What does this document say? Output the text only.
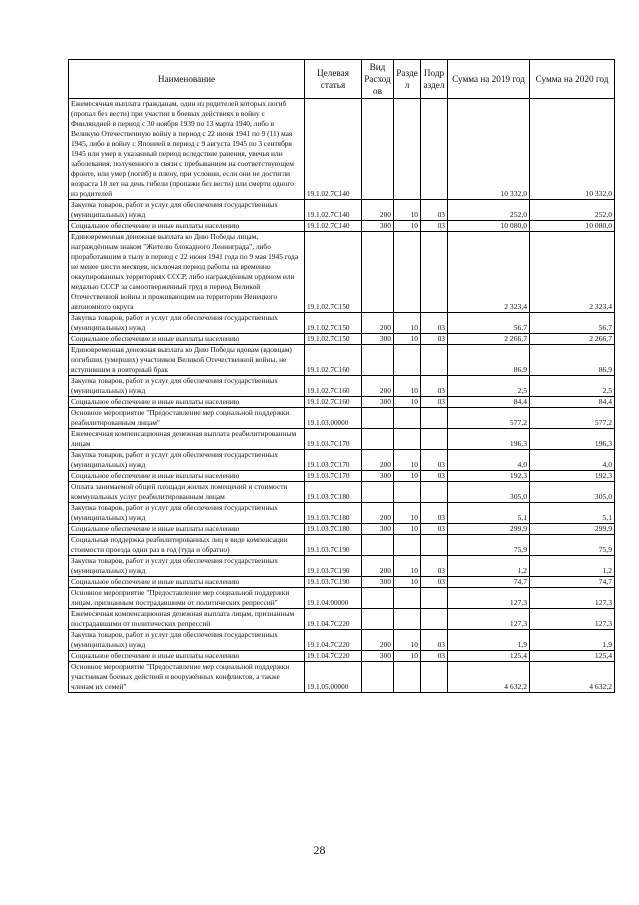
Наименование	Целевая статья	Вид Расход ов	Разде л	Подр аздел	Сумма на 2019 год	Сумма на 2020 год
Ежемесячная выплата гражданам, один из родителей которых погиб (пропал без вести) при участии в боевых действиях в войну с Финляндией в период с 30 ноября 1939 по 13 марта 1940, либо в Великую Отечественную войну в период с 22 июня 1941 по 9 (11) мая 1945, либо в войну с Японией в период с 9 августа 1945 по 3 сентября 1945 или умер в указанный период вследствие ранения, увечья или заболевания, полученного в связи с пребыванием на соответствующем фронте, или умер (погиб) в плену, при условии, если они не достигли возраста 18 лет на день гибели (пропажи без вести) или смерти одного из родителей	19.1.02.7С140				10 332,0	10 332,0
Закупка товаров, работ и услуг для обеспечения государственных (муниципальных) нужд	19.1.02.7С140	200	10	03	252,0	252,0
Социальное обеспечение и иные выплаты населению	19.1.02.7С140	300	10	03	10 080,0	10 080,0
Единовременная денежная выплата ко Дню Победы лицам, награждённым знаком "Жителю блокадного Ленинграда", либо проработавшим в тылу в период с 22 июня 1941 года по 9 мая 1945 года не менее шести месяцев, исключая период работы на временно оккупированных территориях СССР, либо награждённым орденом или медалью СССР за самоотверженный труд в период Великой Отечественной войны и проживающим на территории Ненецкого автономного округа	19.1.02.7С150				2 323,4	2 323,4
Закупка товаров, работ и услуг для обеспечения государственных (муниципальных) нужд	19.1.02.7С150	200	10	03	56,7	56,7
Социальное обеспечение и иные выплаты населению	19.1.02.7С150	300	10	03	2 266,7	2 266,7
Единовременная денежная выплата ко Дню Победы вдовам (вдовцам) погибших (умерших) участников Великой Отечественной войны, не вступившим в повторный брак	19.1.02.7С160				86,9	86,9
Закупка товаров, работ и услуг для обеспечения государственных (муниципальных) нужд	19.1.02.7С160	200	10	03	2,5	2,5
Социальное обеспечение и иные выплаты населению	19.1.02.7С160	300	10	03	84,4	84,4
Основное мероприятие "Предоставление мер социальной поддержки реабилитированным лицам"	19.1.03.00000				577,2	577,2
Ежемесячная компенсационная денежная выплата реабилитированным лицам	19.1.03.7С170				196,3	196,3
Закупка товаров, работ и услуг для обеспечения государственных (муниципальных) нужд	19.1.03.7С170	200	10	03	4,0	4,0
Социальное обеспечение и иные выплаты населению	19.1.03.7С170	300	10	03	192,3	192,3
Оплата занимаемой общей площади жилых помещений и стоимости коммунальных услуг реабилитированным лицам	19.1.03.7С180				305,0	305,0
Закупка товаров, работ и услуг для обеспечения государственных (муниципальных) нужд	19.1.03.7С180	200	10	03	5,1	5,1
Социальное обеспечение и иные выплаты населению	19.1.03.7С180	300	10	03	299,9	299,9
Социальная поддержка реабилитированных лиц в виде компенсации стоимости проезда один раз в год (туда и обратно)	19.1.03.7С190				75,9	75,9
Закупка товаров, работ и услуг для обеспечения государственных (муниципальных) нужд	19.1.03.7С190	200	10	03	1,2	1,2
Социальное обеспечение и иные выплаты населению	19.1.03.7С190	300	10	03	74,7	74,7
Основное мероприятие "Предоставление мер социальной поддержки лицам, признанным пострадавшими от политических репрессий"	19.1.04.00000				127,3	127,3
Ежемесячная компенсационная денежная выплата лицам, признанным пострадавшими от политических репрессий	19.1.04.7С220				127,3	127,3
Закупка товаров, работ и услуг для обеспечения государственных (муниципальных) нужд	19.1.04.7С220	200	10	03	1,9	1,9
Социальное обеспечение и иные выплаты населению	19.1.04.7С220	300	10	03	125,4	125,4
Основное мероприятие "Предоставление мер социальной поддержки участникам боевых действий и вооружённых конфликтов, а также членам их семей"	19.1.05.00000				4 632,2	4 632,2
28
